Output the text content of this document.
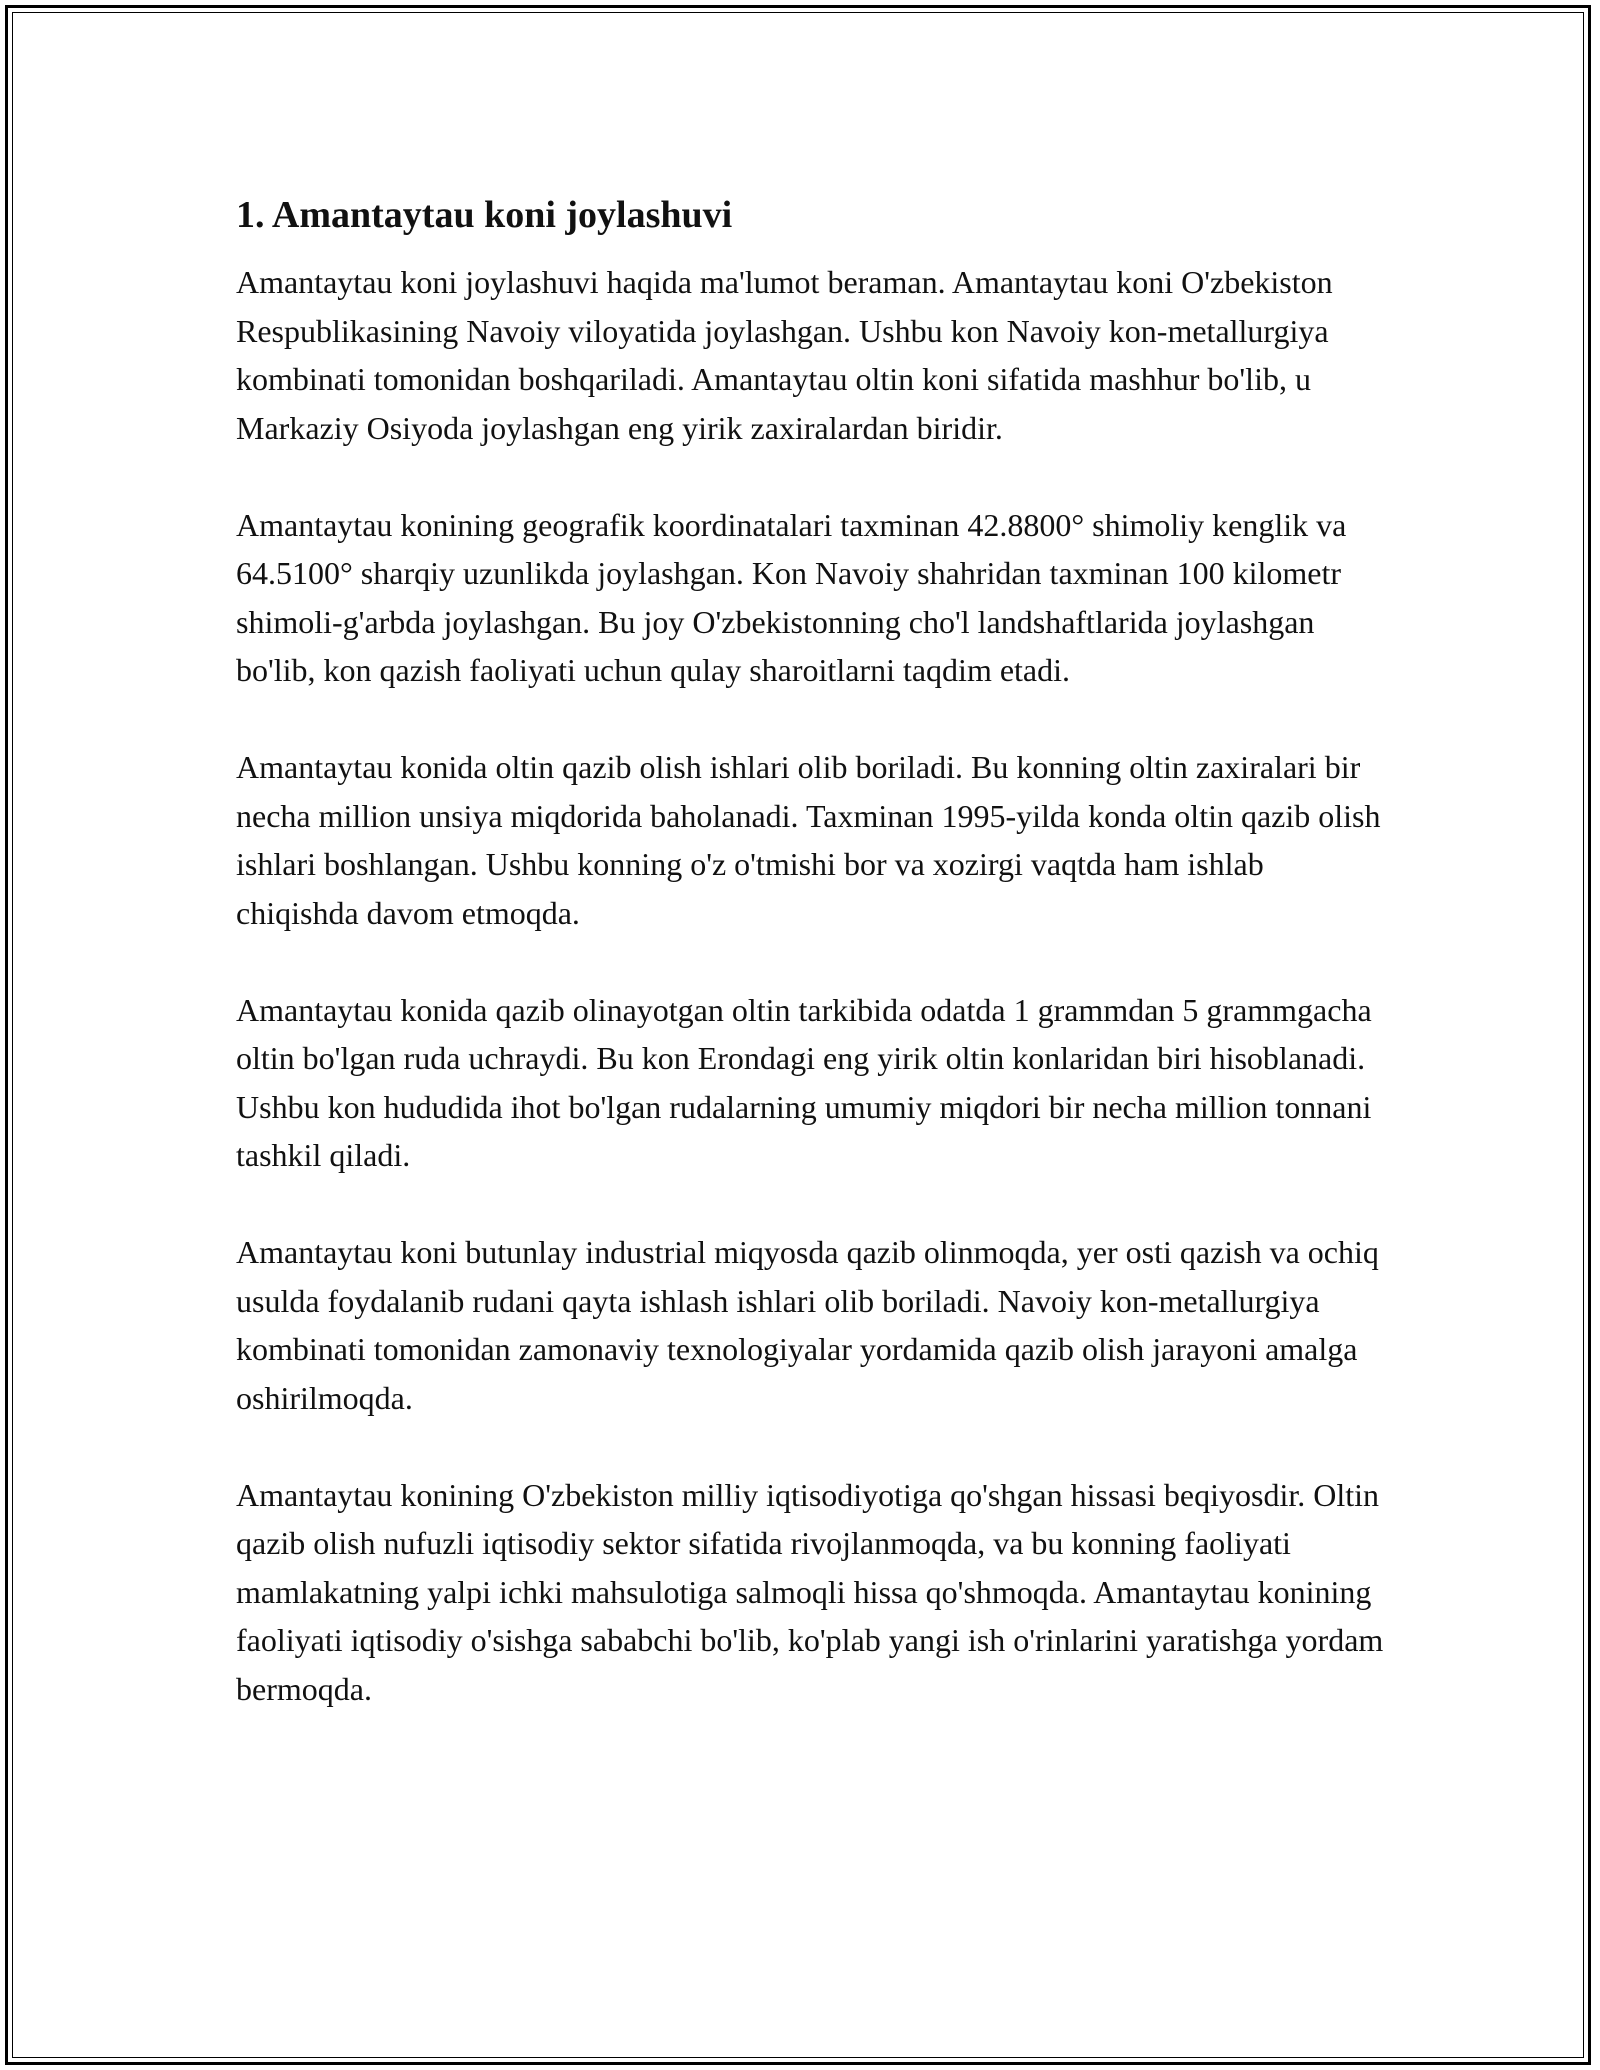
1. Amantaytau koni joylashuvi

Amantaytau koni joylashuvi haqida ma'lumot beraman. Amantaytau koni O'zbekiston Respublikasining Navoiy viloyatida joylashgan. Ushbu kon Navoiy kon-metallurgiya kombinati tomonidan boshqariladi. Amantaytau oltin koni sifatida mashhur bo'lib, u Markaziy Osiyoda joylashgan eng yirik zaxiralardan biridir.

Amantaytau konining geografik koordinatalari taxminan 42.8800° shimoliy kenglik va 64.5100° sharqiy uzunlikda joylashgan. Kon Navoiy shahridan taxminan 100 kilometr shimoli-g'arbda joylashgan. Bu joy O'zbekistonning cho'l landshaftlarida joylashgan bo'lib, kon qazish faoliyati uchun qulay sharoitlarni taqdim etadi.

Amantaytau konida oltin qazib olish ishlari olib boriladi. Bu konning oltin zaxiralari bir necha million unsiya miqdorida baholanadi. Taxminan 1995-yilda konda oltin qazib olish ishlari boshlangan. Ushbu konning o'z o'tmishi bor va xozirgi vaqtda ham ishlab chiqishda davom etmoqda.

Amantaytau konida qazib olinayotgan oltin tarkibida odatda 1 grammdan 5 grammgacha oltin bo'lgan ruda uchraydi. Bu kon Erondagi eng yirik oltin konlaridan biri hisoblanadi. Ushbu kon hududida ihot bo'lgan rudalarning umumiy miqdori bir necha million tonnani tashkil qiladi.

Amantaytau koni butunlay industrial miqyosda qazib olinmoqda, yer osti qazish va ochiq usulda foydalanib rudani qayta ishlash ishlari olib boriladi. Navoiy kon-metallurgiya kombinati tomonidan zamonaviy texnologiyalar yordamida qazib olish jarayoni amalga oshirilmoqda.

Amantaytau konining O'zbekiston milliy iqtisodiyotiga qo'shgan hissasi beqiyosdir. Oltin qazib olish nufuzli iqtisodiy sektor sifatida rivojlanmoqda, va bu konning faoliyati mamlakatning yalpi ichki mahsulotiga salmoqli hissa qo'shmoqda. Amantaytau konining faoliyati iqtisodiy o'sishga sababchi bo'lib, ko'plab yangi ish o'rinlarini yaratishga yordam bermoqda.
